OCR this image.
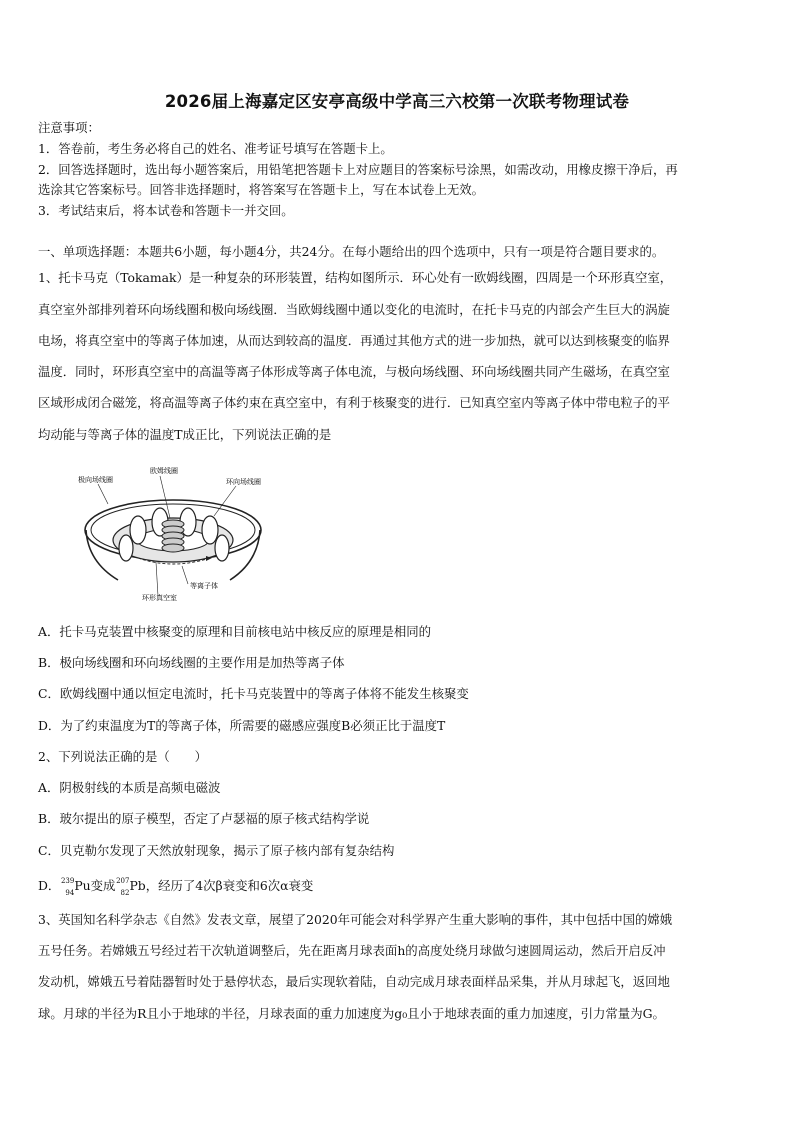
2026届上海嘉定区安亭高级中学高三六校第一次联考物理试卷
注意事项：
1．答卷前，考生务必将自己的姓名、准考证号填写在答题卡上。
2．回答选择题时，选出每小题答案后，用铅笔把答题卡上对应题目的答案标号涂黑，如需改动，用橡皮擦干净后，再
选涂其它答案标号。回答非选择题时，将答案写在答题卡上，写在本试卷上无效。
3．考试结束后，将本试卷和答题卡一并交回。
一、单项选择题：本题共6小题，每小题4分，共24分。在每小题给出的四个选项中，只有一项是符合题目要求的。
1、托卡马克（Tokamak）是一种复杂的环形装置，结构如图所示．环心处有一欧姆线圈，四周是一个环形真空室，
真空室外部排列着环向场线圈和极向场线圈．当欧姆线圈中通以变化的电流时，在托卡马克的内部会产生巨大的涡旋
电场，将真空室中的等离子体加速，从而达到较高的温度．再通过其他方式的进一步加热，就可以达到核聚变的临界
温度．同时，环形真空室中的高温等离子体形成等离子体电流，与极向场线圈、环向场线圈共同产生磁场，在真空室
区域形成闭合磁笼，将高温等离子体约束在真空室中，有利于核聚变的进行．已知真空室内等离子体中带电粒子的平
均动能与等离子体的温度T成正比，下列说法正确的是
极向场线圈
欧姆线圈
环向场线圈
等离子体
环形真空室
A．托卡马克装置中核聚变的原理和目前核电站中核反应的原理是相同的
B．极向场线圈和环向场线圈的主要作用是加热等离子体
C．欧姆线圈中通以恒定电流时，托卡马克装置中的等离子体将不能发生核聚变
D．为了约束温度为T的等离子体，所需要的磁感应强度B必须正比于温度T
2、下列说法正确的是（　　）
A．阴极射线的本质是高频电磁波
B．玻尔提出的原子模型，否定了卢瑟福的原子核式结构学说
C．贝克勒尔发现了天然放射现象，揭示了原子核内部有复杂结构
D． 239
94 Pu变成 207
82 Pb，经历了4次β衰变和6次α衰变
3、英国知名科学杂志《自然》发表文章，展望了2020年可能会对科学界产生重大影响的事件，其中包括中国的嫦娥
五号任务。若嫦娥五号经过若干次轨道调整后，先在距离月球表面h的高度处绕月球做匀速圆周运动，然后开启反冲
发动机，嫦娥五号着陆器暂时处于悬停状态，最后实现软着陆，自动完成月球表面样品采集，并从月球起飞，返回地
球。月球的半径为R且小于地球的半径，月球表面的重力加速度为g₀且小于地球表面的重力加速度，引力常量为G。
